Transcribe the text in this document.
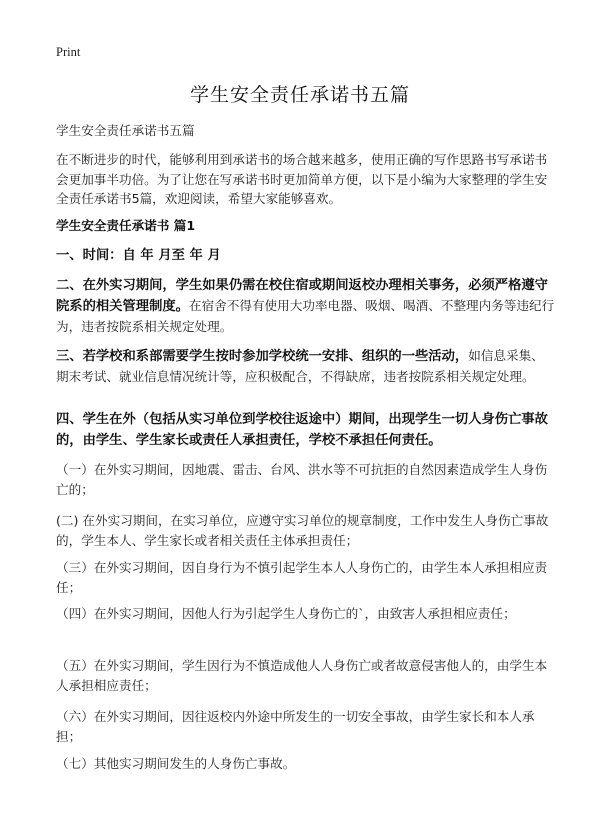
Print
学生安全责任承诺书五篇
学生安全责任承诺书五篇
在不断进步的时代，能够利用到承诺书的场合越来越多，使用正确的写作思路书写承诺书会更加事半功倍。为了让您在写承诺书时更加简单方便，以下是小编为大家整理的学生安全责任承诺书5篇，欢迎阅读，希望大家能够喜欢。
学生安全责任承诺书 篇1
一、时间：自 年 月至 年 月
二、在外实习期间，学生如果仍需在校住宿或期间返校办理相关事务，必须严格遵守院系的相关管理制度。在宿舍不得有使用大功率电器、吸烟、喝酒、不整理内务等违纪行为，违者按院系相关规定处理。
三、若学校和系部需要学生按时参加学校统一安排、组织的一些活动，如信息采集、期末考试、就业信息情况统计等，应积极配合，不得缺席，违者按院系相关规定处理。
四、学生在外（包括从实习单位到学校往返途中）期间，出现学生一切人身伤亡事故的，由学生、学生家长或责任人承担责任，学校不承担任何责任。
（一）在外实习期间，因地震、雷击、台风、洪水等不可抗拒的自然因素造成学生人身伤亡的；
(二) 在外实习期间，在实习单位，应遵守实习单位的规章制度，工作中发生人身伤亡事故的，学生本人、学生家长或者相关责任主体承担责任；
（三）在外实习期间，因自身行为不慎引起学生本人人身伤亡的，由学生本人承担相应责任；
（四）在外实习期间，因他人行为引起学生人身伤亡的`，由致害人承担相应责任；
（五）在外实习期间，学生因行为不慎造成他人人身伤亡或者故意侵害他人的，由学生本人承担相应责任；
（六）在外实习期间，因往返校内外途中所发生的一切安全事故，由学生家长和本人承担；
（七）其他实习期间发生的人身伤亡事故。
